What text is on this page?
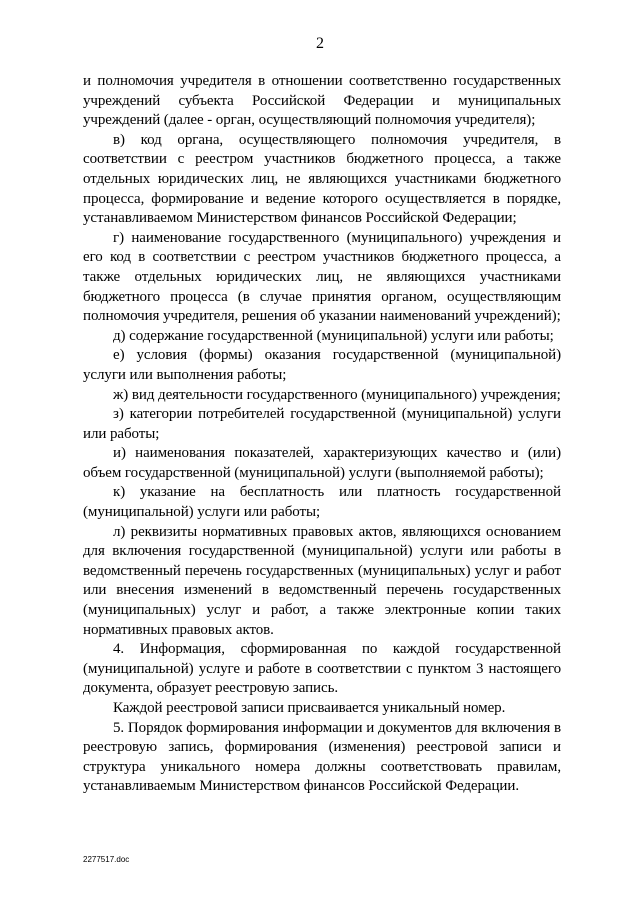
2

и полномочия учредителя в отношении соответственно государственных учреждений субъекта Российской Федерации и муниципальных учреждений (далее - орган, осуществляющий полномочия учредителя);

в) код органа, осуществляющего полномочия учредителя, в соответствии с реестром участников бюджетного процесса, а также отдельных юридических лиц, не являющихся участниками бюджетного процесса, формирование и ведение которого осуществляется в порядке, устанавливаемом Министерством финансов Российской Федерации;

г) наименование государственного (муниципального) учреждения и его код в соответствии с реестром участников бюджетного процесса, а также отдельных юридических лиц, не являющихся участниками бюджетного процесса (в случае принятия органом, осуществляющим полномочия учредителя, решения об указании наименований учреждений);

д) содержание государственной (муниципальной) услуги или работы;

е) условия (формы) оказания государственной (муниципальной) услуги или выполнения работы;

ж) вид деятельности государственного (муниципального) учреждения;

з) категории потребителей государственной (муниципальной) услуги или работы;

и) наименования показателей, характеризующих качество и (или) объем государственной (муниципальной) услуги (выполняемой работы);

к) указание на бесплатность или платность государственной (муниципальной) услуги или работы;

л) реквизиты нормативных правовых актов, являющихся основанием для включения государственной (муниципальной) услуги или работы в ведомственный перечень государственных (муниципальных) услуг и работ или внесения изменений в ведомственный перечень государственных (муниципальных) услуг и работ, а также электронные копии таких нормативных правовых актов.

4. Информация, сформированная по каждой государственной (муниципальной) услуге и работе в соответствии с пунктом 3 настоящего документа, образует реестровую запись.

Каждой реестровой записи присваивается уникальный номер.

5. Порядок формирования информации и документов для включения в реестровую запись, формирования (изменения) реестровой записи и структура уникального номера должны соответствовать правилам, устанавливаемым Министерством финансов Российской Федерации.

2277517.doc
